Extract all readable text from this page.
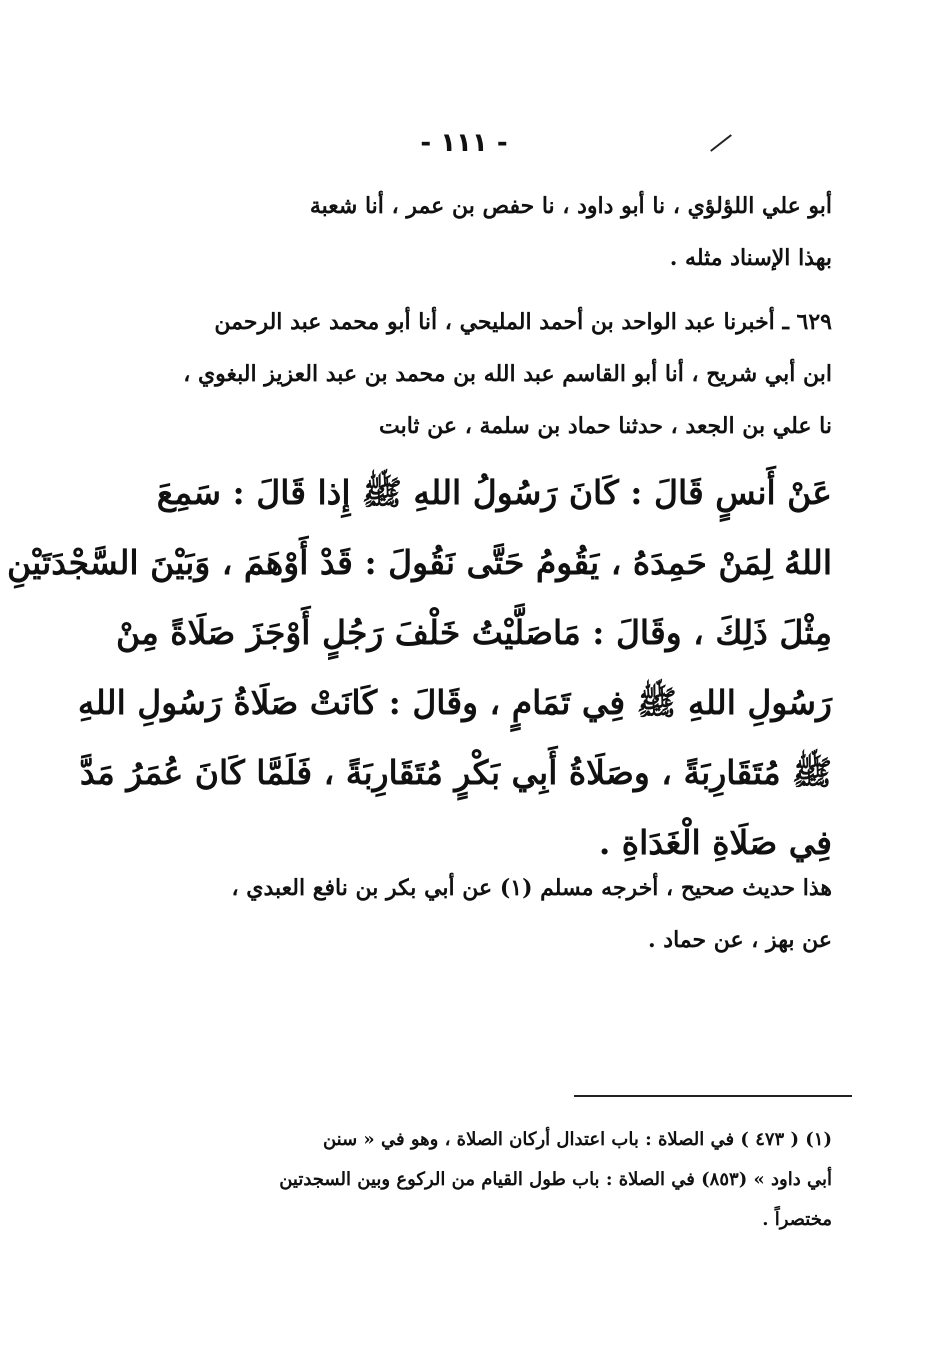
- ١١١ -
أبو علي اللؤلؤي ، نا أبو داود ، نا حفص بن عمر ، أنا شعبة
بهذا الإسناد مثله .
٦٢٩ ـ أخبرنا عبد الواحد بن أحمد المليحي ، أنا أبو محمد عبد الرحمن
ابن أبي شريح ، أنا أبو القاسم عبد الله بن محمد بن عبد العزيز البغوي ،
نا علي بن الجعد ، حدثنا حماد بن سلمة ، عن ثابت
عَنْ أَنسٍ قَالَ : كَانَ رَسُولُ اللهِ ﷺ إِذا قَالَ : سَمِعَ
اللهُ لِمَنْ حَمِدَهُ ، يَقُومُ حَتَّى نَقُولَ : قَدْ أَوْهَمَ ، وَبَيْنَ السَّجْدَتَيْنِ
مِثْلَ ذَلِكَ ، وقَالَ : مَاصَلَّيْتُ خَلْفَ رَجُلٍ أَوْجَزَ صَلَاةً مِنْ
رَسُولِ اللهِ ﷺ فِي تَمَامٍ ، وقَالَ : كَانَتْ صَلَاةُ رَسُولِ اللهِ
ﷺ مُتَقَارِبَةً ، وصَلَاةُ أَبِي بَكْرٍ مُتَقَارِبَةً ، فَلَمَّا كَانَ عُمَرُ مَدَّ
فِي صَلَاةِ الْغَدَاةِ .
هذا حديث صحيح ، أخرجه مسلم (١) عن أبي بكر بن نافع العبدي ،
عن بهز ، عن حماد .
(١) ( ٤٧٣ ) في الصلاة : باب اعتدال أركان الصلاة ، وهو في « سنن
أبي داود » (٨٥٣) في الصلاة : باب طول القيام من الركوع وبين السجدتين
مختصراً .
